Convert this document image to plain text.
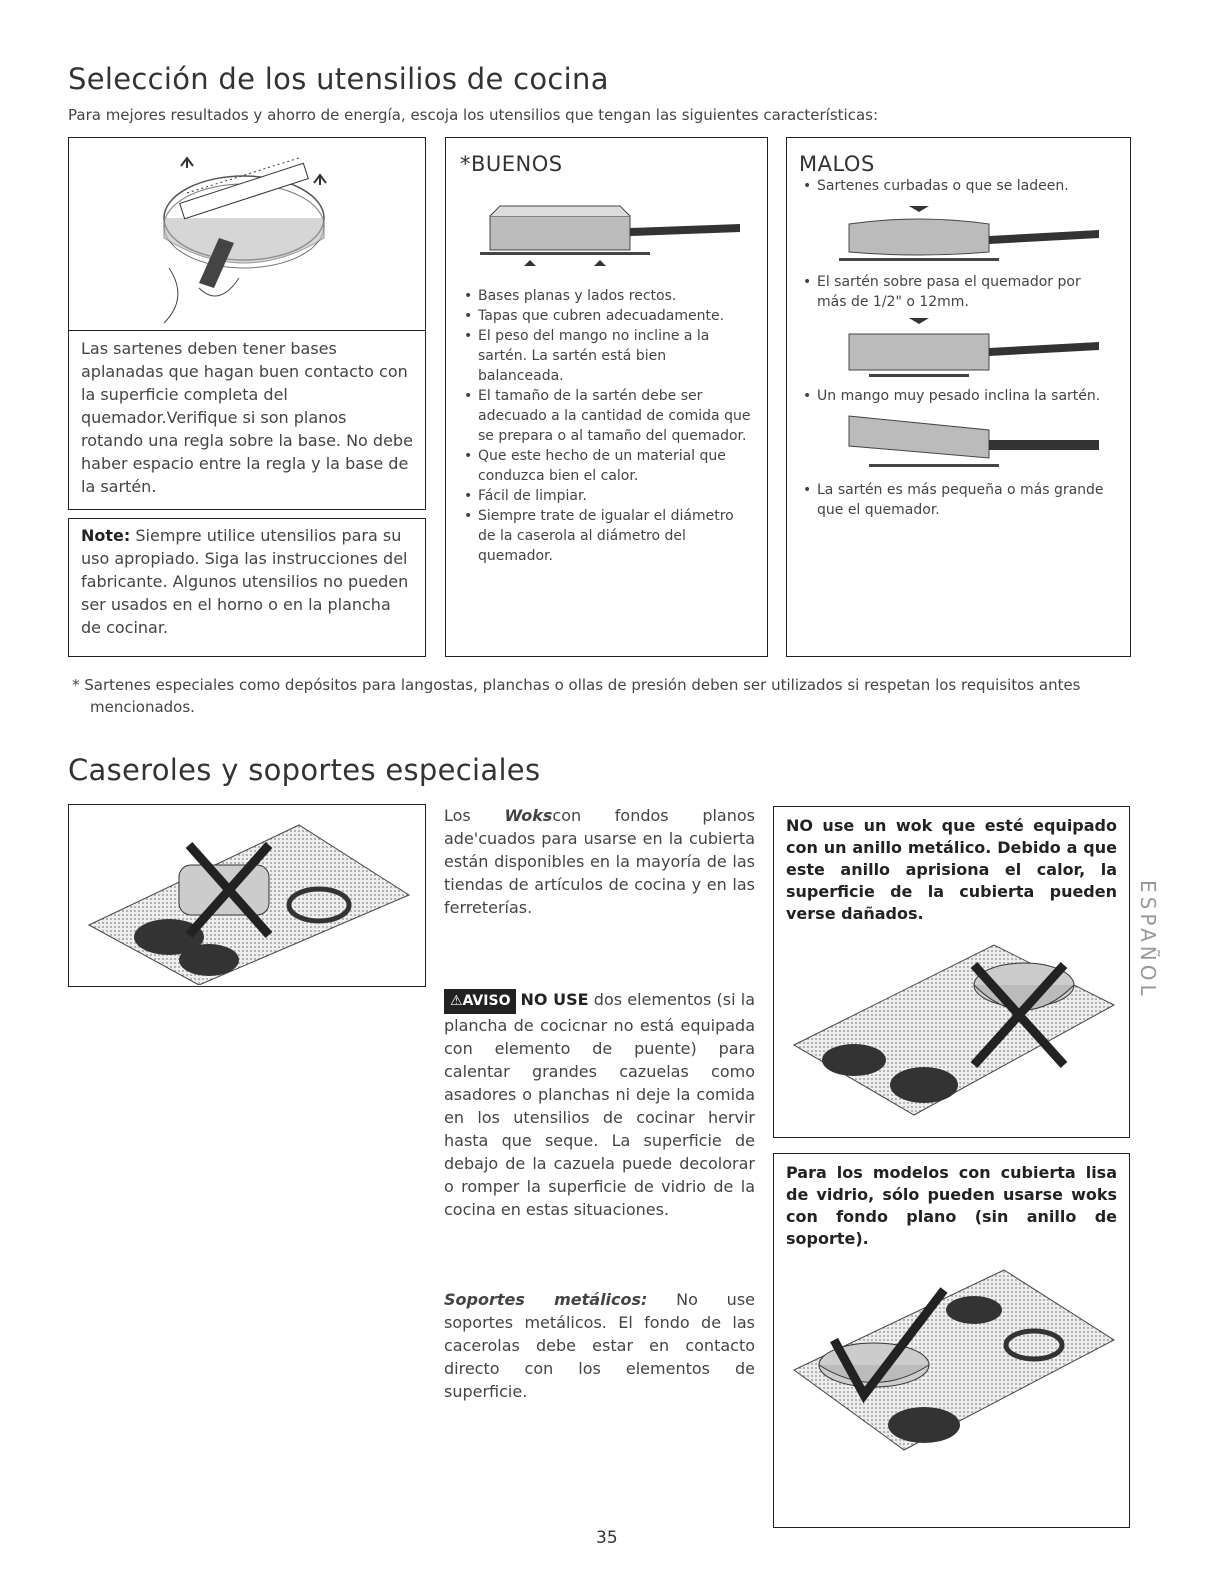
Selección de los utensilios de cocina
Para mejores resultados y ahorro de energía, escoja los utensilios que tengan las siguientes características:
Las sartenes deben tener bases aplanadas que hagan buen contacto con la superficie completa del quemador.Verifique si son planos rotando una regla sobre la base. No debe haber espacio entre la regla y la base de la sartén.
Note: Siempre utilice utensilios para su uso apropiado. Siga las instrucciones del fabricante. Algunos utensilios no pueden ser usados en el horno o en la plancha de cocinar.
*BUENOS
• Bases planas y lados rectos.
• Tapas que cubren adecuadamente.
• El peso del mango no incline a la sartén. La sartén está bien balanceada.
• El tamaño de la sartén debe ser adecuado a la cantidad de comida que se prepara o al tamaño del quemador.
• Que este hecho de un material que conduzca bien el calor.
• Fácil de limpiar.
• Siempre trate de igualar el diámetro de la caserola al diámetro del quemador.
MALOS
• Sartenes curbadas o que se ladeen.
• El sartén sobre pasa el quemador por más de 1/2" o 12mm.
• Un mango muy pesado inclina la sartén.
• La sartén es más pequeña o más grande que el quemador.
* Sartenes especiales como depósitos para langostas, planchas o ollas de presión deben ser utilizados si respetan los requisitos antes mencionados.
Caseroles y soportes especiales
Los Wokscon fondos planos ade'cuados para usarse en la cubierta están disponibles en la mayoría de las tiendas de artículos de cocina y en las ferreterías.
⚠AVISO NO USE dos elementos (si la plancha de cocicnar no está equipada con elemento de puente) para calentar grandes cazuelas como asadores o planchas ni deje la comida en los utensilios de cocinar hervir hasta que seque. La superficie de debajo de la cazuela puede decolorar o romper la superficie de vidrio de la cocina en estas situaciones.
Soportes metálicos: No use soportes metálicos. El fondo de las cacerolas debe estar en contacto directo con los elementos de superficie.
NO use un wok que esté equipado con un anillo metálico. Debido a que este anillo aprisiona el calor, la superficie de la cubierta pueden verse dañados.
Para los modelos con cubierta lisa de vidrio, sólo pueden usarse woks con fondo plano (sin anillo de soporte).
ESPAÑOL
35
